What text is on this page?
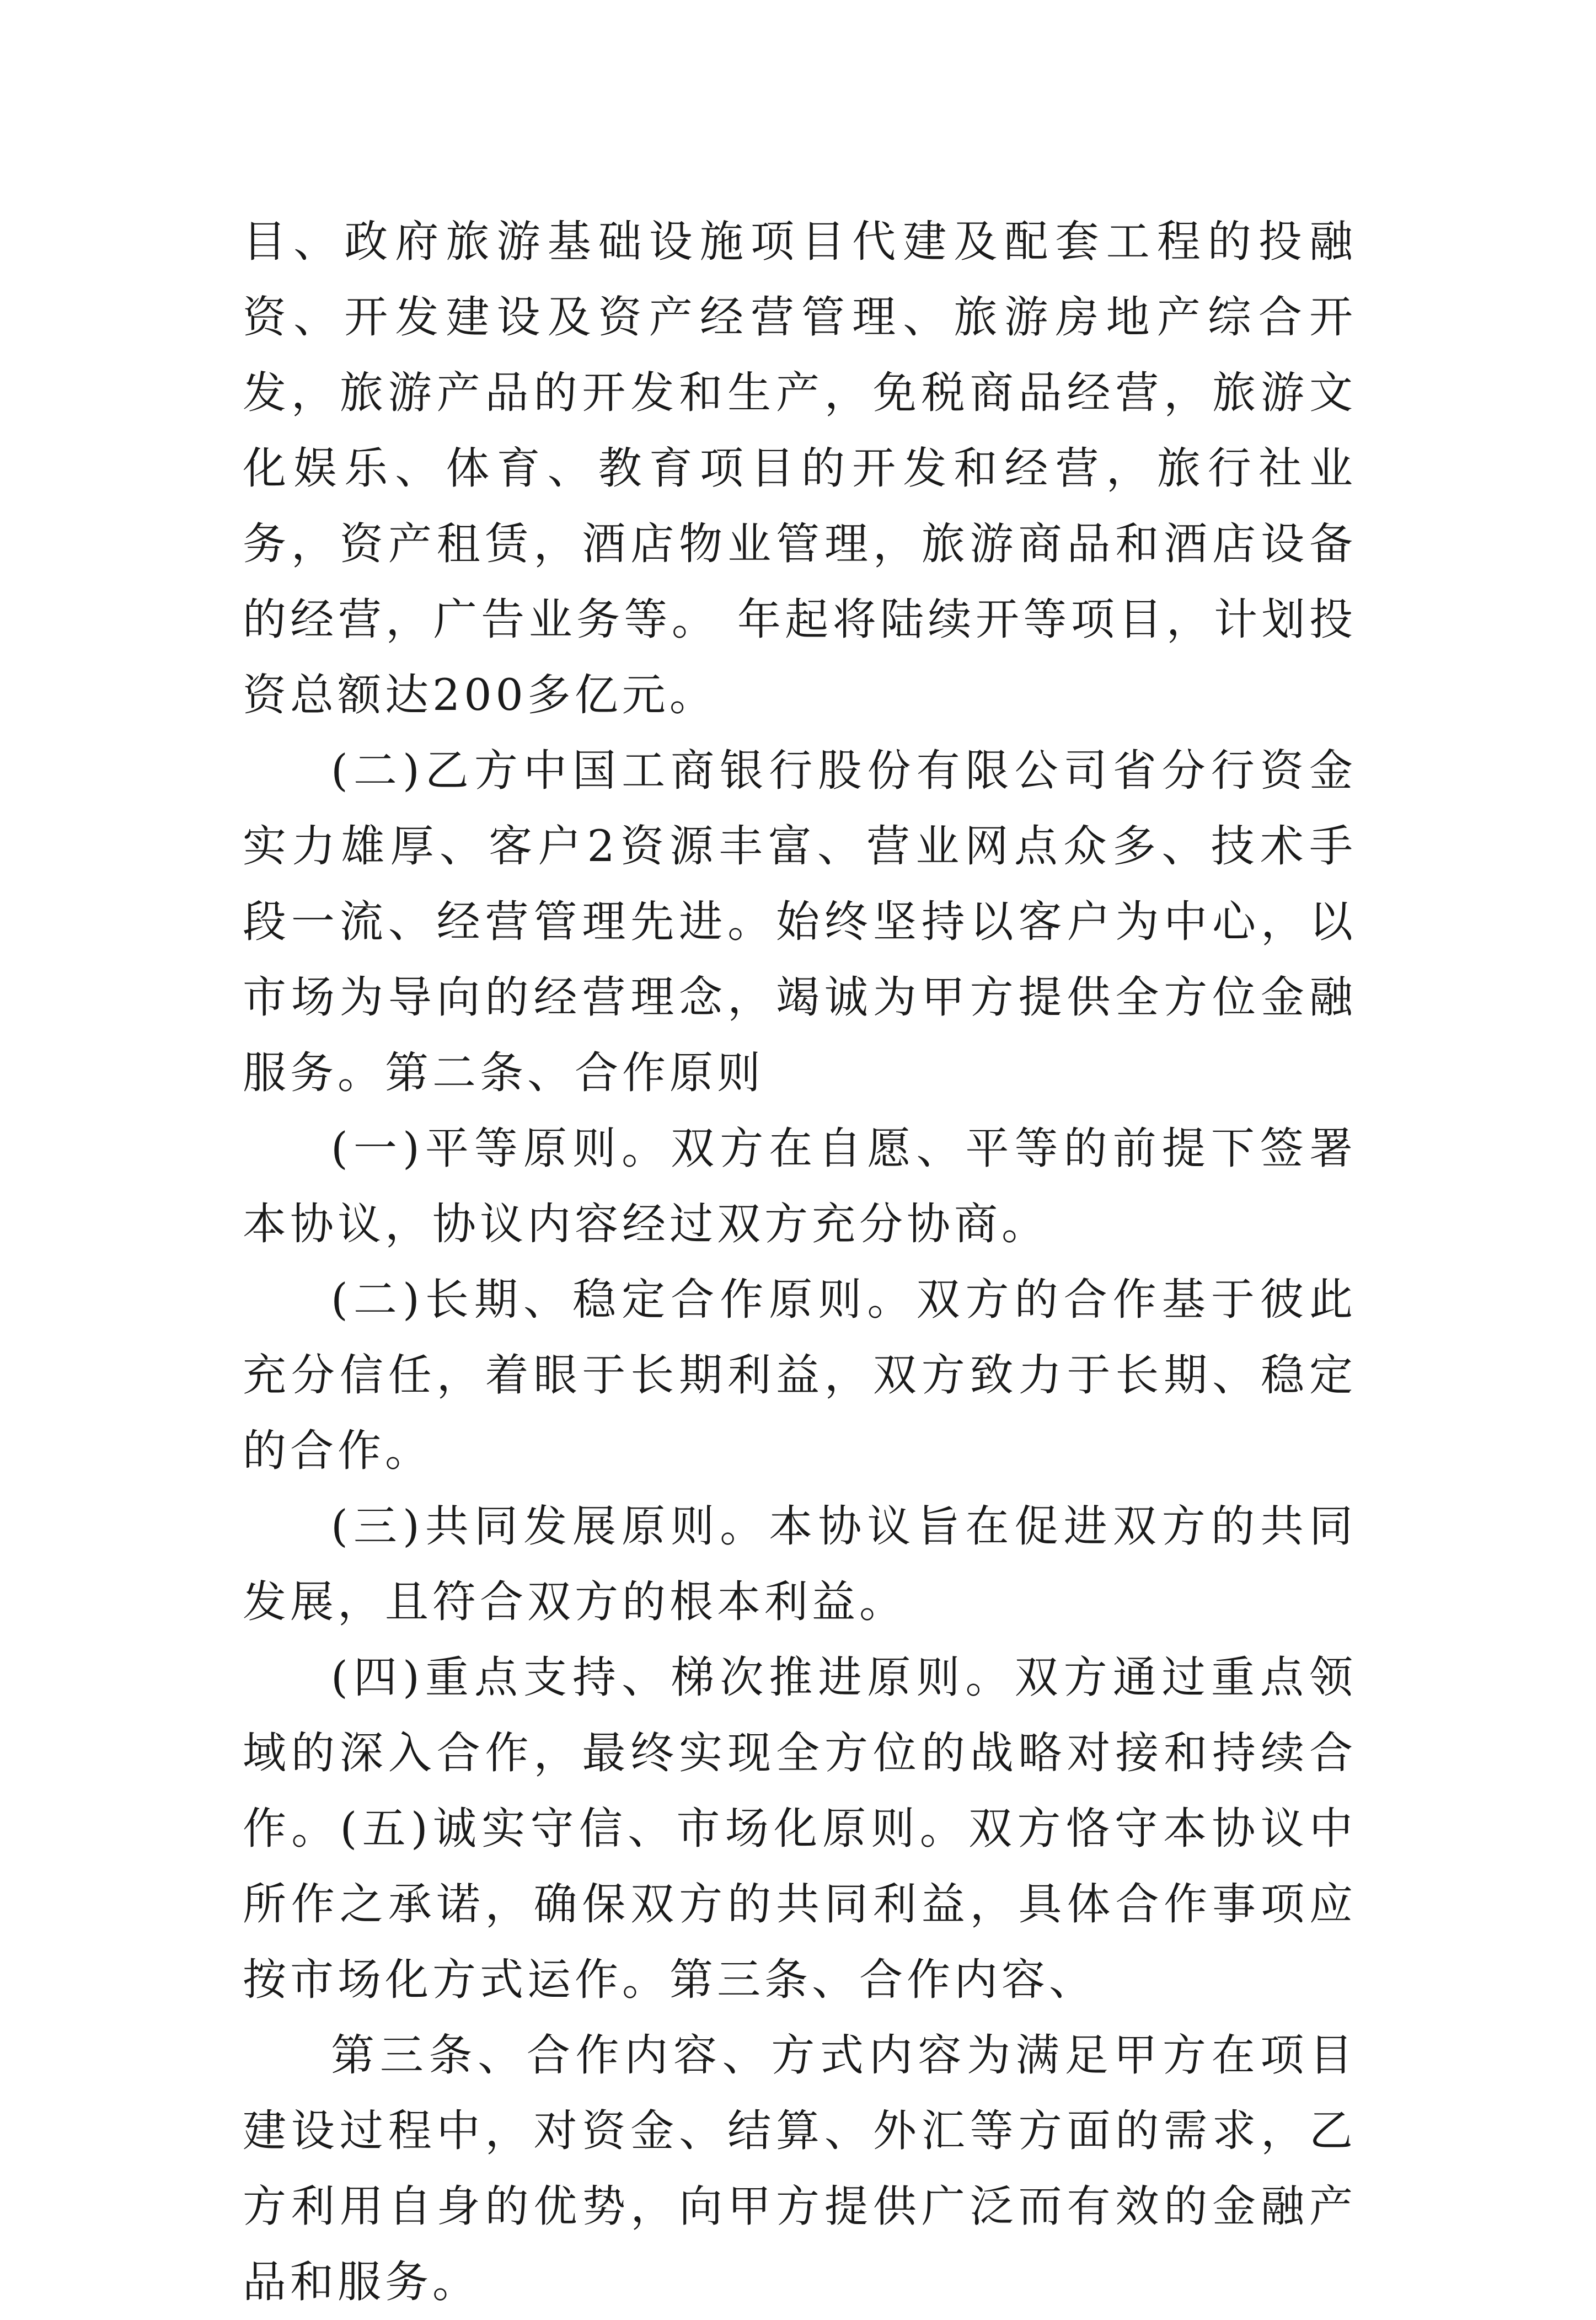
目、政府旅游基础设施项目代建及配套工程的投融资、开发建设及资产经营管理、旅游房地产综合开发，旅游产品的开发和生产，免税商品经营，旅游文化娱乐、体育、教育项目的开发和经营，旅行社业务，资产租赁，酒店物业管理，旅游商品和酒店设备的经营，广告业务等。 年起将陆续开等项目，计划投资总额达200多亿元。

(二)乙方中国工商银行股份有限公司省分行资金实力雄厚、客户2资源丰富、营业网点众多、技术手段一流、经营管理先进。始终坚持以客户为中心，以市场为导向的经营理念，竭诚为甲方提供全方位金融服务。第二条、合作原则

(一)平等原则。双方在自愿、平等的前提下签署本协议，协议内容经过双方充分协商。

(二)长期、稳定合作原则。双方的合作基于彼此充分信任，着眼于长期利益，双方致力于长期、稳定的合作。

(三)共同发展原则。本协议旨在促进双方的共同发展，且符合双方的根本利益。

(四)重点支持、梯次推进原则。双方通过重点领域的深入合作，最终实现全方位的战略对接和持续合作。(五)诚实守信、市场化原则。双方恪守本协议中所作之承诺，确保双方的共同利益，具体合作事项应按市场化方式运作。第三条、合作内容、

第三条、合作内容、方式内容为满足甲方在项目建设过程中，对资金、结算、外汇等方面的需求，乙方利用自身的优势，向甲方提供广泛而有效的金融产品和服务。
